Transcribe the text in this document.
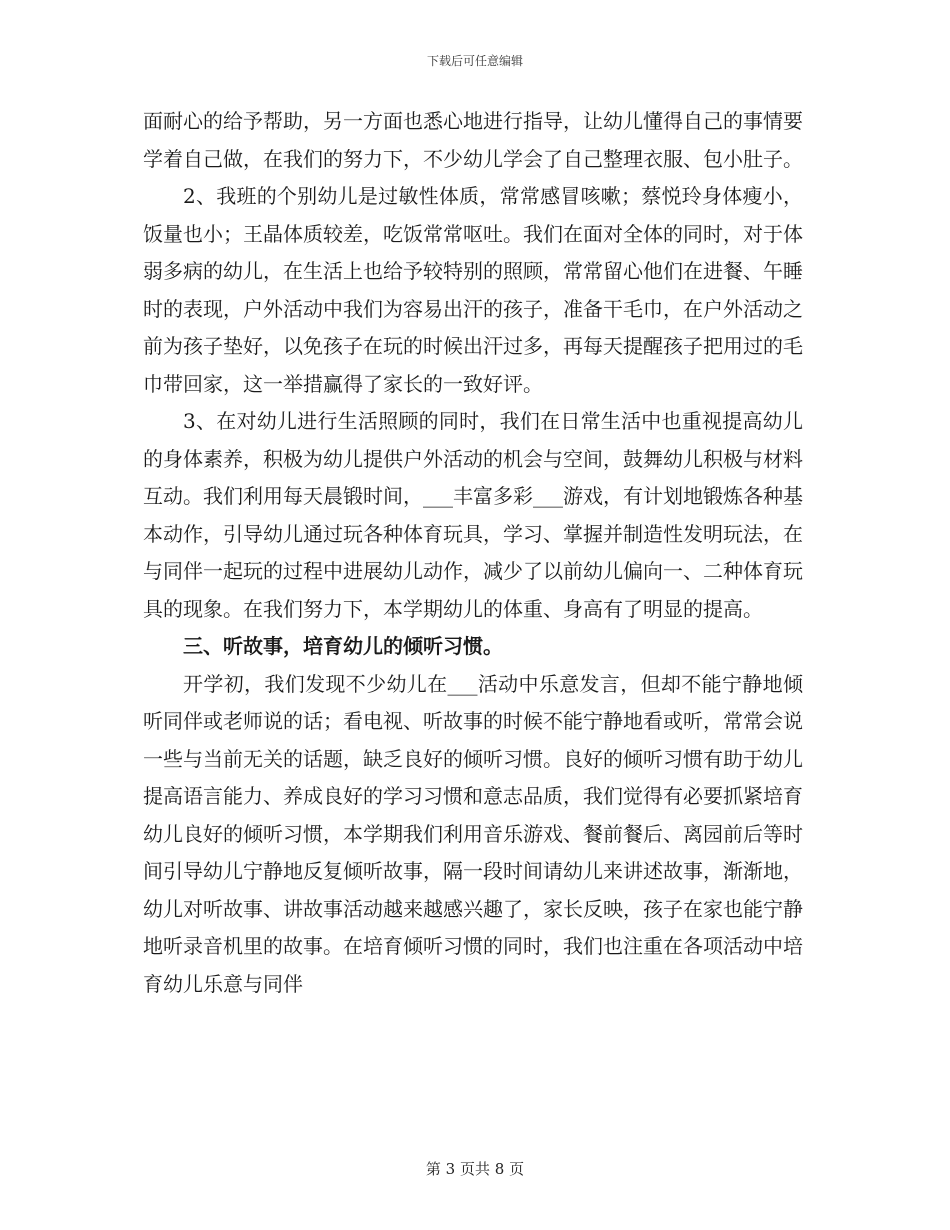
下载后可任意编辑

面耐心的给予帮助，另一方面也悉心地进行指导，让幼儿懂得自己的事情要学着自己做，在我们的努力下，不少幼儿学会了自己整理衣服、包小肚子。

2、我班的个别幼儿是过敏性体质，常常感冒咳嗽；蔡悦玲身体瘦小，饭量也小；王晶体质较差，吃饭常常呕吐。我们在面对全体的同时，对于体弱多病的幼儿，在生活上也给予较特别的照顾，常常留心他们在进餐、午睡时的表现，户外活动中我们为容易出汗的孩子，准备干毛巾，在户外活动之前为孩子垫好，以免孩子在玩的时候出汗过多，再每天提醒孩子把用过的毛巾带回家，这一举措赢得了家长的一致好评。

3、在对幼儿进行生活照顾的同时，我们在日常生活中也重视提高幼儿的身体素养，积极为幼儿提供户外活动的机会与空间，鼓舞幼儿积极与材料互动。我们利用每天晨锻时间，___丰富多彩___游戏，有计划地锻炼各种基本动作，引导幼儿通过玩各种体育玩具，学习、掌握并制造性发明玩法，在与同伴一起玩的过程中进展幼儿动作，减少了以前幼儿偏向一、二种体育玩具的现象。在我们努力下，本学期幼儿的体重、身高有了明显的提高。

三、听故事，培育幼儿的倾听习惯。

开学初，我们发现不少幼儿在___活动中乐意发言，但却不能宁静地倾听同伴或老师说的话；看电视、听故事的时候不能宁静地看或听，常常会说一些与当前无关的话题，缺乏良好的倾听习惯。良好的倾听习惯有助于幼儿提高语言能力、养成良好的学习习惯和意志品质，我们觉得有必要抓紧培育幼儿良好的倾听习惯，本学期我们利用音乐游戏、餐前餐后、离园前后等时间引导幼儿宁静地反复倾听故事，隔一段时间请幼儿来讲述故事，渐渐地，幼儿对听故事、讲故事活动越来越感兴趣了，家长反映，孩子在家也能宁静地听录音机里的故事。在培育倾听习惯的同时，我们也注重在各项活动中培育幼儿乐意与同伴

第 3 页共 8 页
